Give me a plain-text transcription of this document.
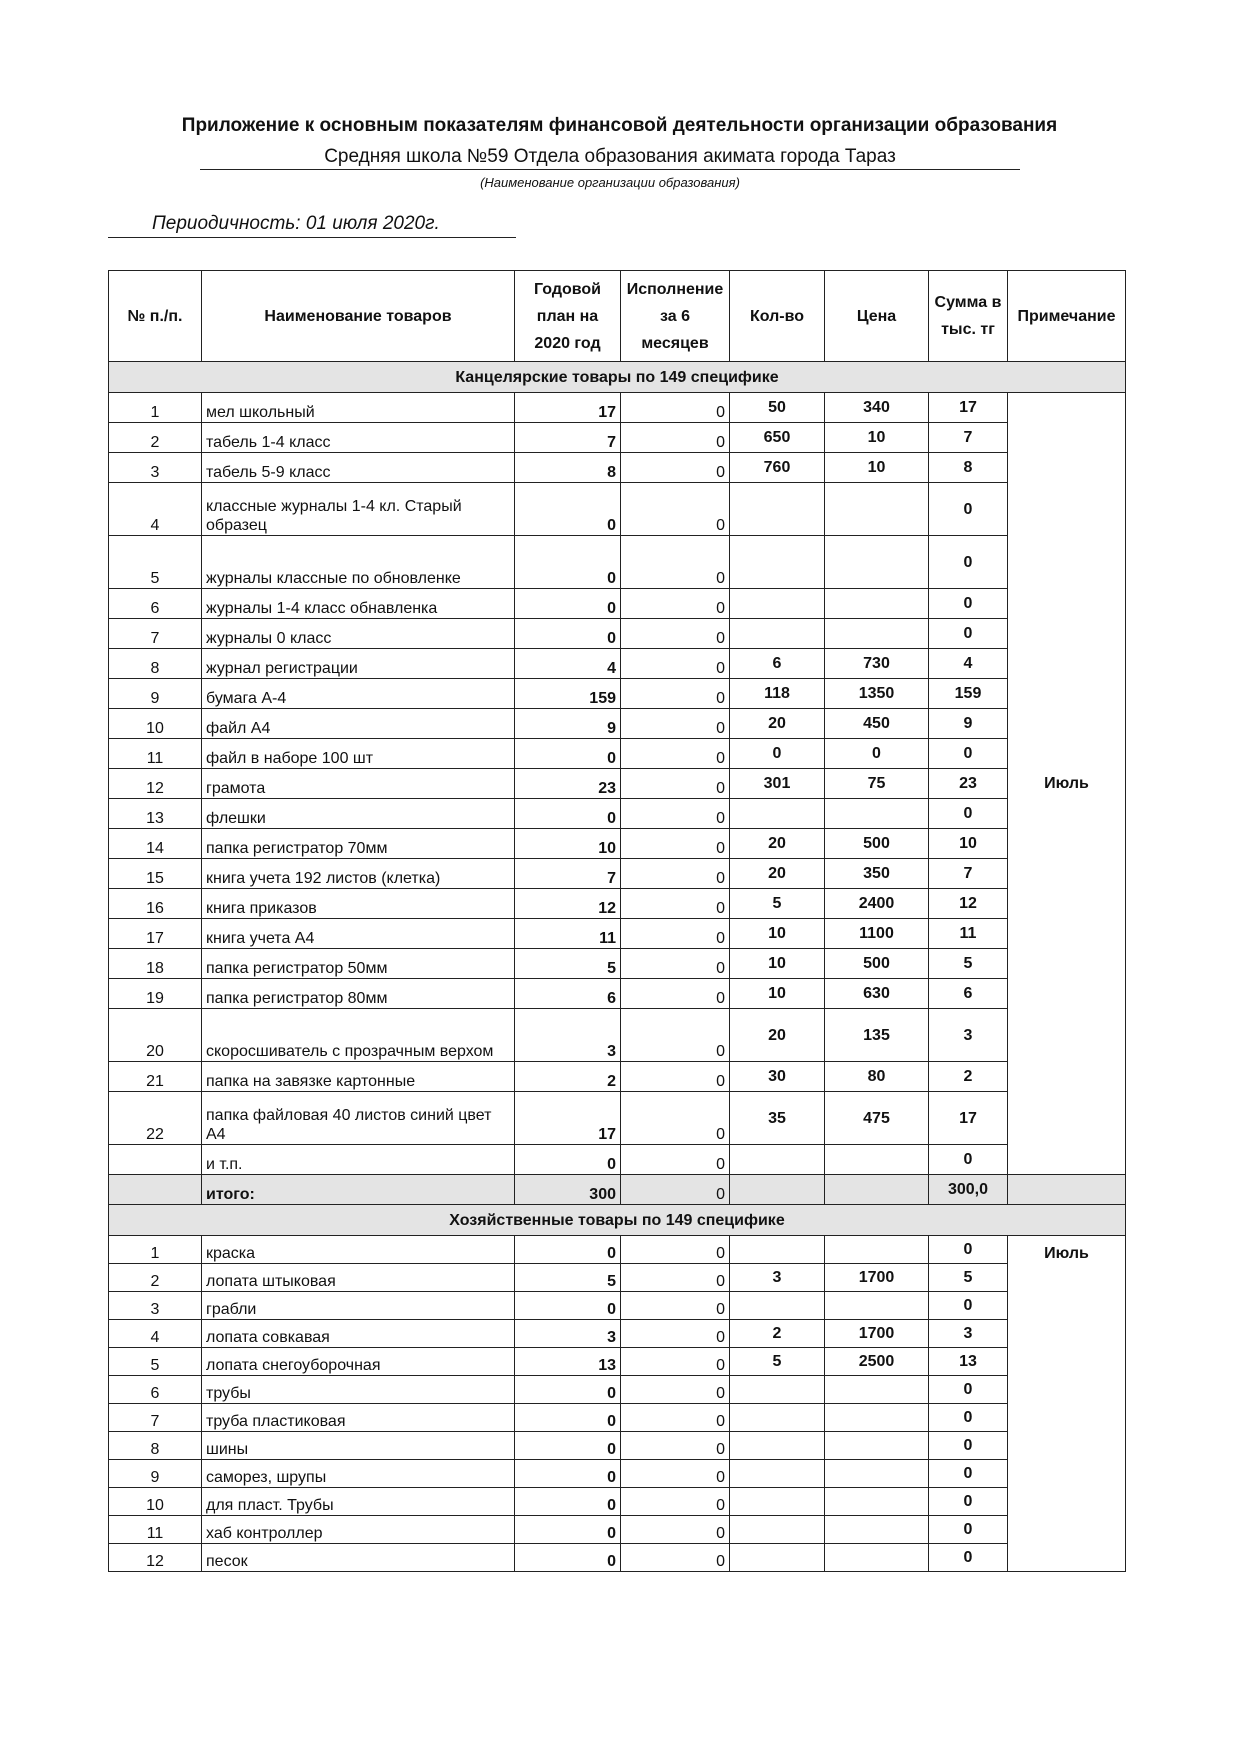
Приложение к основным показателям финансовой деятельности организации образования
Средняя школа №59 Отдела образования акимата города Тараз
(Наименование организации образования)
Периодичность: 01 июля 2020г.
№ п./п.	Наименование товаров	Годовой план на 2020 год	Исполнение за 6 месяцев	Кол-во	Цена	Сумма в тыс. тг	Примечание
Канцелярские товары по 149 специфике							
1	мел школьный	17	0	50	340	17	Июль
2	табель 1-4 класс	7	0	650	10	7	
3	табель 5-9 класс	8	0	760	10	8	
4	классные журналы 1-4 кл. Старый образец	0	0			0	
5	журналы классные по обновленке	0	0			0	
6	журналы 1-4 класс обнавленка	0	0			0	
7	журналы 0 класс	0	0			0	
8	журнал регистрации	4	0	6	730	4	
9	бумага А-4	159	0	118	1350	159	
10	файл А4	9	0	20	450	9	
11	файл в наборе 100 шт	0	0	0	0	0	
12	грамота	23	0	301	75	23	
13	флешки	0	0			0	
14	папка регистратор 70мм	10	0	20	500	10	
15	книга учета 192 листов (клетка)	7	0	20	350	7	
16	книга приказов	12	0	5	2400	12	
17	книга учета А4	11	0	10	1100	11	
18	папка регистратор 50мм	5	0	10	500	5	
19	папка регистратор 80мм	6	0	10	630	6	
20	скоросшиватель с прозрачным верхом	3	0	20	135	3	
21	папка на завязке картонные	2	0	30	80	2	
22	папка файловая 40 листов синий цвет А4	17	0	35	475	17	
	и т.п.	0	0			0	
	итого:	300	0			300,0	
Хозяйственные товары по 149 специфике							
1	краска	0	0			0	Июль
2	лопата штыковая	5	0	3	1700	5	
3	грабли	0	0			0	
4	лопата совкавая	3	0	2	1700	3	
5	лопата снегоуборочная	13	0	5	2500	13	
6	трубы	0	0			0	
7	труба пластиковая	0	0			0	
8	шины	0	0			0	
9	саморез, шрупы	0	0			0	
10	для пласт. Трубы	0	0			0	
11	хаб контроллер	0	0			0	
12	песок	0	0			0	
